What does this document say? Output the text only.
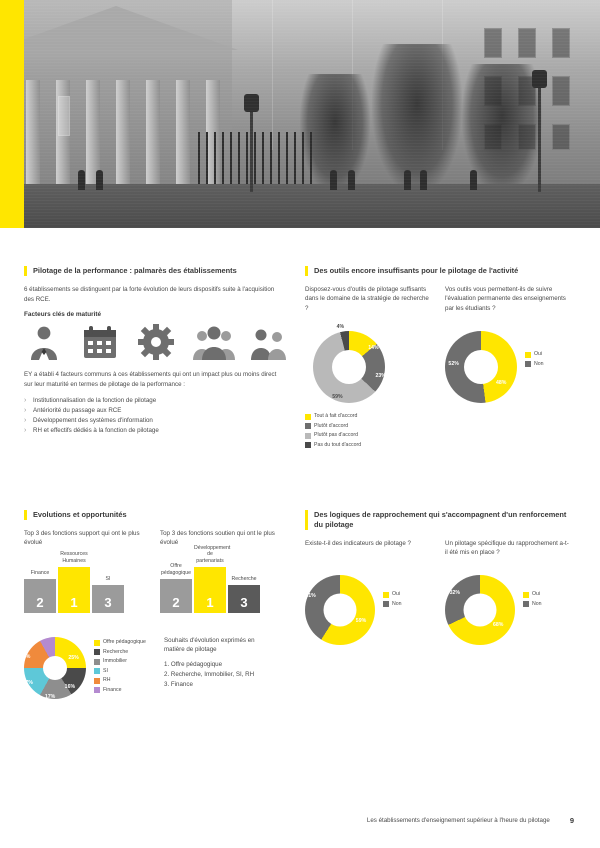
Pilotage de la performance : palmarès des établissements

6 établissements se distinguent par la forte évolution de leurs dispositifs suite à l'acquisition des RCE.

Facteurs clés de maturité

EY a établi 4 facteurs communs à ces établissements qui ont un impact plus ou moins direct sur leur maturité en termes de pilotage de la performance :

› Institutionnalisation de la fonction de pilotage
› Antériorité du passage aux RCE
› Développement des systèmes d'information
› RH et effectifs dédiés à la fonction de pilotage
Evolutions et opportunités
Top 3 des fonctions support qui ont le plus évolué
Finance
2
Ressources Humaines
1
SI
3
Top 3 des fonctions soutien qui ont le plus évolué
Offre pédagogique
2
Développement de partenariats
1
Recherche
3
25%
16%
17%
17%
17%
8%
Offre pédagogique
Recherche
Immobilier
SI
RH
Finance
Souhaits d'évolution exprimés en matière de pilotage
1. Offre pédagogique
2. Recherche, Immobilier, SI, RH
3. Finance
Des outils encore insuffisants pour le pilotage de l'activité
Disposez-vous d'outils de pilotage suffisants dans le domaine de la stratégie de recherche ?
14%
23%
59%
4%
Tout à fait d'accord
Plutôt d'accord
Plutôt pas d'accord
Pas du tout d'accord
Vos outils vous permettent-ils de suivre l'évaluation permanente des enseignements par les étudiants ?
48%
52%
Oui
Non
Des logiques de rapprochement qui s'accompagnent d'un renforcement du pilotage
Existe-t-il des indicateurs de pilotage ?
59%
41%	Oui
Non
Un pilotage spécifique du rapprochement a-t-il été mis en place ?
68%
32%	Oui
Non
Les établissements d'enseignement supérieur à l'heure du pilotage	9
